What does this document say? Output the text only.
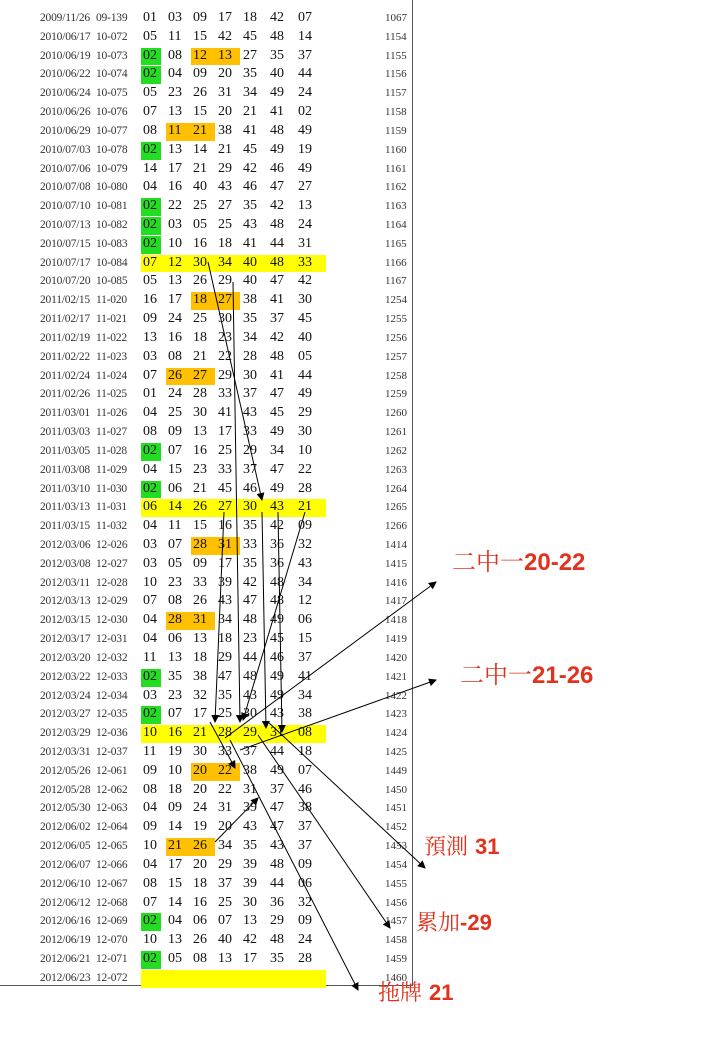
2009/11/26 09-139 01 03 09 17 18 42 07	1067
2010/06/17 10-072 05 11 15 42 45 48 14	1154
2010/06/19 10-073 02 08 12 13 27 35 37	1155
2010/06/22 10-074 02 04 09 20 35 40 44	1156
2010/06/24 10-075 05 23 26 31 34 49 24	1157
2010/06/26 10-076 07 13 15 20 21 41 02	1158
2010/06/29 10-077 08 11 21 38 41 48 49	1159
2010/07/03 10-078 02 13 14 21 45 49 19	1160
2010/07/06 10-079 14 17 21 29 42 46 49	1161
2010/07/08 10-080 04 16 40 43 46 47 27	1162
2010/07/10 10-081 02 22 25 27 35 42 13	1163
2010/07/13 10-082 02 03 05 25 43 48 24	1164
2010/07/15 10-083 02 10 16 18 41 44 31	1165
2010/07/17 10-084 07 12 30 34 40 48 33	1166
2010/07/20 10-085 05 13 26 29 40 47 42	1167
2011/02/15 11-020 16 17 18 27 38 41 30	1254
2011/02/17 11-021 09 24 25 30 35 37 45	1255
2011/02/19 11-022 13 16 18 23 34 42 40	1256
2011/02/22 11-023 03 08 21 22 28 48 05	1257
2011/02/24 11-024 07 26 27 29 30 41 44	1258
2011/02/26 11-025 01 24 28 33 37 47 49	1259
2011/03/01 11-026 04 25 30 41 43 45 29	1260
2011/03/03 11-027 08 09 13 17 33 49 30	1261
2011/03/05 11-028 02 07 16 25 29 34 10	1262
2011/03/08 11-029 04 15 23 33 37 47 22	1263
2011/03/10 11-030 02 06 21 45 46 49 28	1264
2011/03/13 11-031 06 14 26 27 30 43 21	1265
2011/03/15 11-032 04 11 15 16 35 42 09	1266
2012/03/06 12-026 03 07 28 31 33 36 32	1414
2012/03/08 12-027 03 05 09 17 35 36 43	1415
2012/03/11 12-028 10 23 33 39 42 48 34	1416
2012/03/13 12-029 07 08 26 43 47 48 12	1417
2012/03/15 12-030 04 28 31 34 48 49 06	1418
2012/03/17 12-031 04 06 13 18 23 45 15	1419
2012/03/20 12-032 11 13 18 29 44 46 37	1420
2012/03/22 12-033 02 35 38 47 48 49 41	1421
2012/03/24 12-034 03 23 32 35 43 49 34	1422
2012/03/27 12-035 02 07 17 25 30 43 38	1423
2012/03/29 12-036 10 16 21 28 29 31 08	1424
2012/03/31 12-037 11 19 30 33 37 44 18	1425
2012/05/26 12-061 09 10 20 22 38 49 07	1449
2012/05/28 12-062 08 18 20 22 31 37 46	1450
2012/05/30 12-063 04 09 24 31 39 47 38	1451
2012/06/02 12-064 09 14 19 20 43 47 37	1452
2012/06/05 12-065 10 21 26 34 35 43 37	1453
2012/06/07 12-066 04 17 20 29 39 48 09	1454
2012/06/10 12-067 08 15 18 37 39 44 06	1455
2012/06/12 12-068 07 14 16 25 30 36 32	1456
2012/06/16 12-069 02 04 06 07 13 29 09	1457
2012/06/19 12-070 10 13 26 40 42 48 24	1458
2012/06/21 12-071 02 05 08 13 17 35 28	1459
2012/06/23 12-072	1460
二中一20-22
二中一21-26
預測 31
累加-29
拖牌 21
